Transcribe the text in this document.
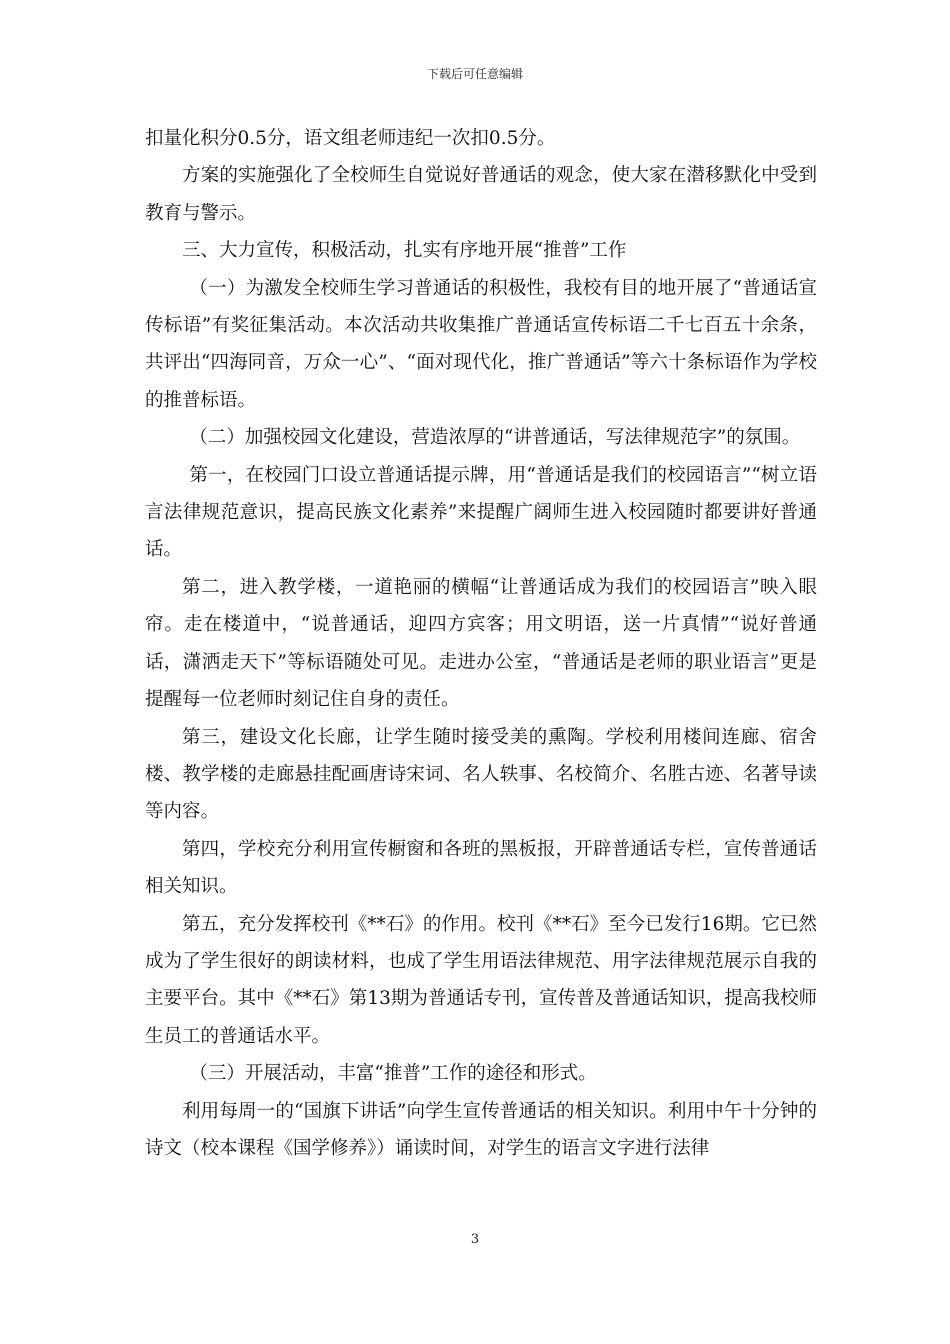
下载后可任意编辑

扣量化积分0.5分，语文组老师违纪一次扣0.5分。

方案的实施强化了全校师生自觉说好普通话的观念，使大家在潜移默化中受到教育与警示。

三、大力宣传，积极活动，扎实有序地开展“推普”工作

（一）为激发全校师生学习普通话的积极性，我校有目的地开展了“普通话宣传标语”有奖征集活动。本次活动共收集推广普通话宣传标语二千七百五十余条，共评出“四海同音，万众一心”、“面对现代化，推广普通话”等六十条标语作为学校的推普标语。

（二）加强校园文化建设，营造浓厚的“讲普通话，写法律规范字”的氛围。

第一，在校园门口设立普通话提示牌，用“普通话是我们的校园语言”“树立语言法律规范意识，提高民族文化素养”来提醒广阔师生进入校园随时都要讲好普通话。

第二，进入教学楼，一道艳丽的横幅“让普通话成为我们的校园语言”映入眼帘。走在楼道中，“说普通话，迎四方宾客；用文明语，送一片真情”“说好普通话，潇洒走天下”等标语随处可见。走进办公室，“普通话是老师的职业语言”更是提醒每一位老师时刻记住自身的责任。

第三，建设文化长廊，让学生随时接受美的熏陶。学校利用楼间连廊、宿舍楼、教学楼的走廊悬挂配画唐诗宋词、名人轶事、名校简介、名胜古迹、名著导读等内容。

第四，学校充分利用宣传橱窗和各班的黑板报，开辟普通话专栏，宣传普通话相关知识。

第五，充分发挥校刊《**石》的作用。校刊《**石》至今已发行16期。它已然成为了学生很好的朗读材料，也成了学生用语法律规范、用字法律规范展示自我的主要平台。其中《**石》第13期为普通话专刊，宣传普及普通话知识，提高我校师生员工的普通话水平。

（三）开展活动，丰富“推普”工作的途径和形式。

利用每周一的“国旗下讲话”向学生宣传普通话的相关知识。利用中午十分钟的诗文（校本课程《国学修养》）诵读时间，对学生的语言文字进行法律

3
